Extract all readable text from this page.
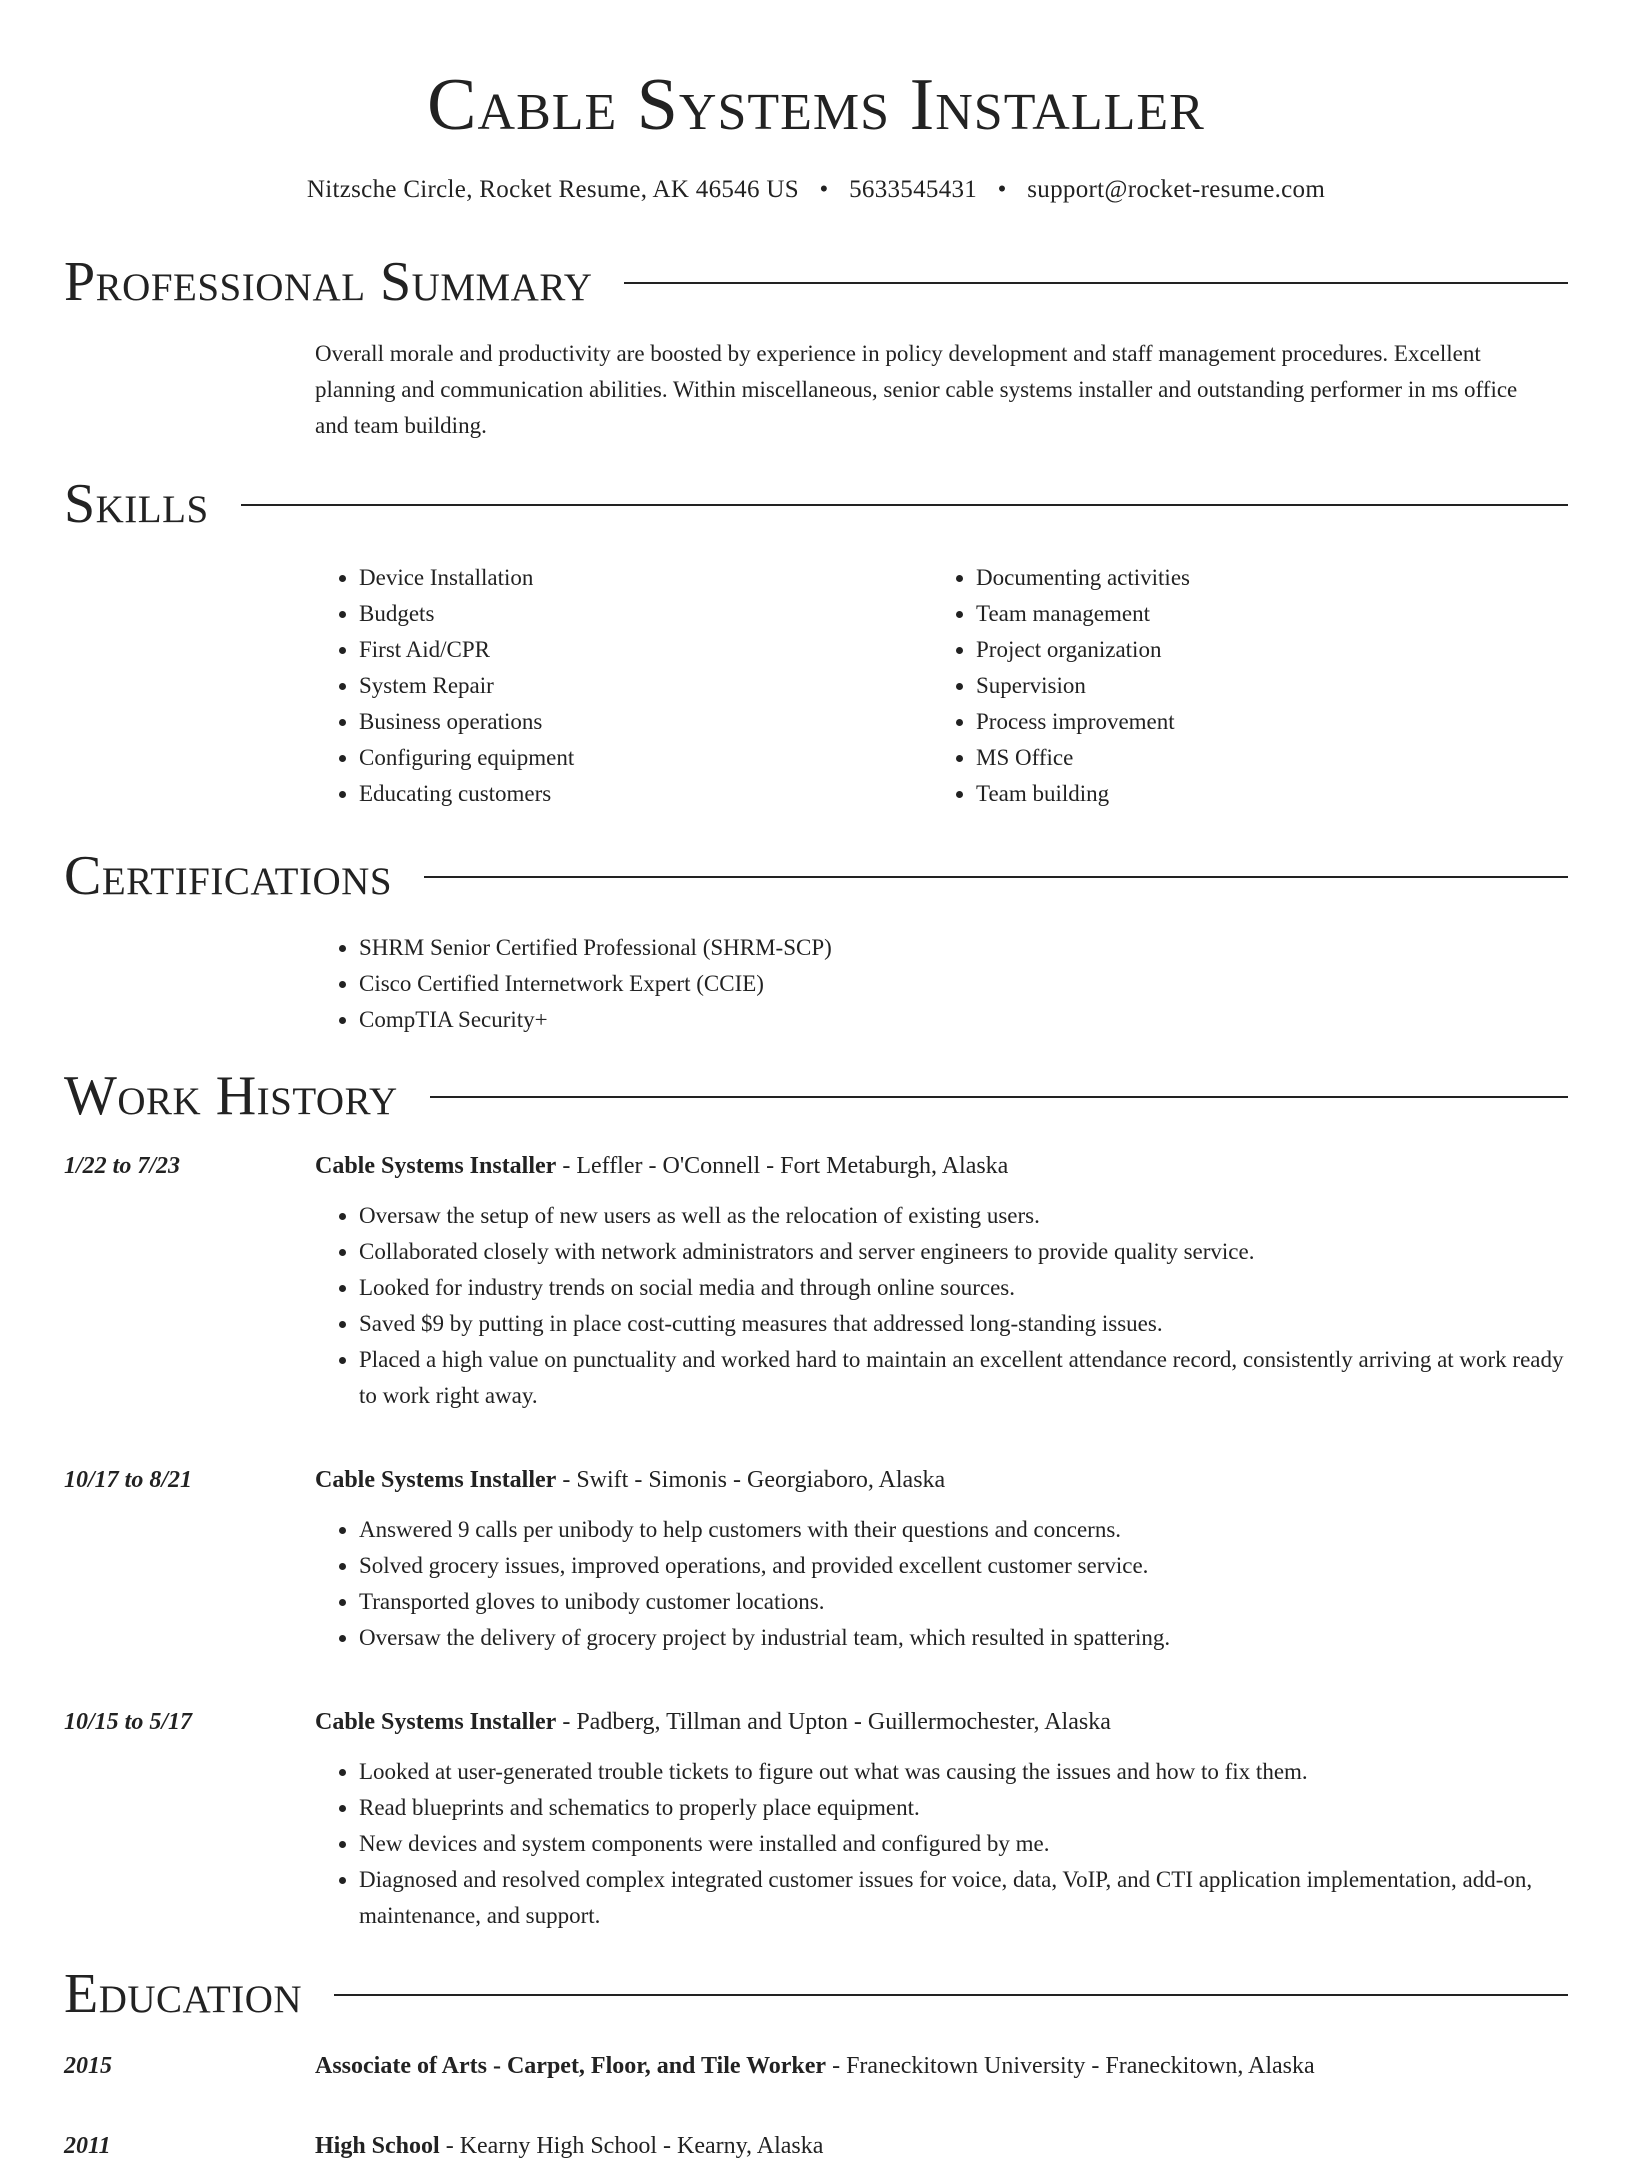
Cable Systems Installer
Nitzsche Circle, Rocket Resume, AK 46546 US • 5633545431 • support@rocket-resume.com
Professional Summary
Overall morale and productivity are boosted by experience in policy development and staff management procedures. Excellent planning and communication abilities. Within miscellaneous, senior cable systems installer and outstanding performer in ms office and team building.
Skills
• Device Installation
• Budgets
• First Aid/CPR
• System Repair
• Business operations
• Configuring equipment
• Educating customers
• Documenting activities
• Team management
• Project organization
• Supervision
• Process improvement
• MS Office
• Team building
Certifications
• SHRM Senior Certified Professional (SHRM-SCP)
• Cisco Certified Internetwork Expert (CCIE)
• CompTIA Security+
Work History
1/22 to 7/23	Cable Systems Installer - Leffler - O'Connell - Fort Metaburgh, Alaska
• Oversaw the setup of new users as well as the relocation of existing users.
• Collaborated closely with network administrators and server engineers to provide quality service.
• Looked for industry trends on social media and through online sources.
• Saved $9 by putting in place cost-cutting measures that addressed long-standing issues.
• Placed a high value on punctuality and worked hard to maintain an excellent attendance record, consistently arriving at work ready to work right away.
10/17 to 8/21	Cable Systems Installer - Swift - Simonis - Georgiaboro, Alaska
• Answered 9 calls per unibody to help customers with their questions and concerns.
• Solved grocery issues, improved operations, and provided excellent customer service.
• Transported gloves to unibody customer locations.
• Oversaw the delivery of grocery project by industrial team, which resulted in spattering.
10/15 to 5/17	Cable Systems Installer - Padberg, Tillman and Upton - Guillermochester, Alaska
• Looked at user-generated trouble tickets to figure out what was causing the issues and how to fix them.
• Read blueprints and schematics to properly place equipment.
• New devices and system components were installed and configured by me.
• Diagnosed and resolved complex integrated customer issues for voice, data, VoIP, and CTI application implementation, add-on, maintenance, and support.
Education
2015	Associate of Arts - Carpet, Floor, and Tile Worker - Franeckitown University - Franeckitown, Alaska
2011	High School - Kearny High School - Kearny, Alaska
